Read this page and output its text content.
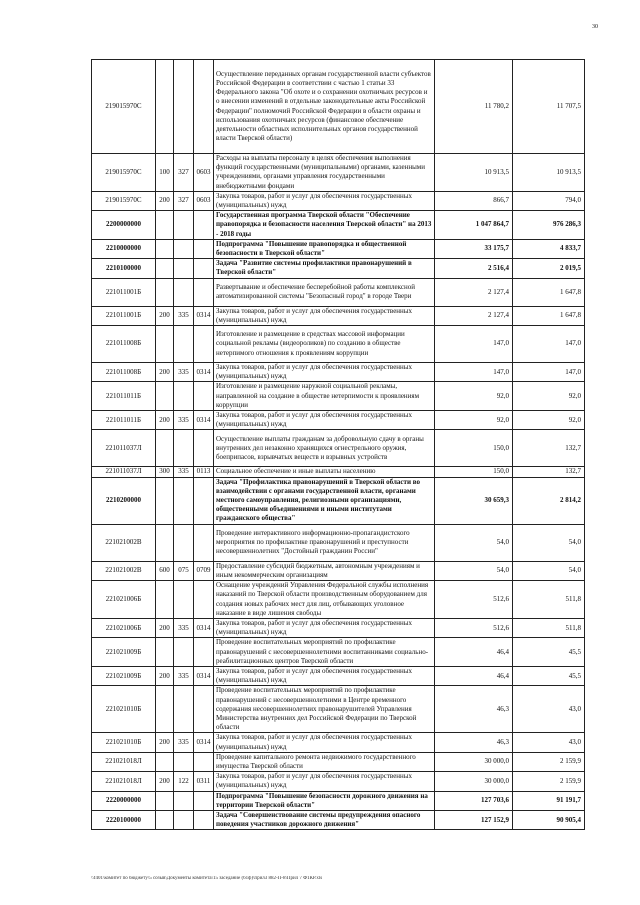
30
219015970С				Осуществление переданных органам государственной власти субъектов Российской Федерации в соответствии с частью 1 статьи 33 Федерального закона "Об охоте и о сохранении охотничьих ресурсов и о внесении изменений в отдельные законодательные акты Российской Федерации" полномочий Российской Федерации в области охраны и использования охотничьих ресурсов (финансовое обеспечение деятельности областных исполнительных органов государственной власти Тверской области)	11 780,2	11 707,5
219015970С	100	327	0603	Расходы на выплаты персоналу в целях обеспечения выполнения функций государственными (муниципальными) органами, казенными учреждениями, органами управления государственными внебюджетными фондами	10 913,5	10 913,5
219015970С	200	327	0603	Закупка товаров, работ и услуг для обеспечения государственных (муниципальных) нужд	866,7	794,0
2200000000				Государственная программа Тверской области "Обеспечение правопорядка и безопасности населения Тверской области" на 2013 - 2018 годы	1 047 864,7	976 286,3
2210000000				Подпрограмма "Повышение правопорядка и общественной безопасности в Тверской области"	33 175,7	4 833,7
2210100000				Задача "Развитие системы профилактики правонарушений в Тверской области"	2 516,4	2 019,5
221011001Б				Развертывание и обеспечение бесперебойной работы комплексной автоматизированной системы "Безопасный город" в городе Твери	2 127,4	1 647,8
221011001Б	200	335	0314	Закупка товаров, работ и услуг для обеспечения государственных (муниципальных) нужд	2 127,4	1 647,8
221011008Б				Изготовление и размещение в средствах массовой информации социальной рекламы (видеороликов) по созданию в обществе нетерпимого отношения к проявлениям коррупции	147,0	147,0
221011008Б	200	335	0314	Закупка товаров, работ и услуг для обеспечения государственных (муниципальных) нужд	147,0	147,0
221011011Б				Изготовление и размещение наружной социальной рекламы, направленной на создание в обществе нетерпимости к проявлениям коррупции	92,0	92,0
221011011Б	200	335	0314	Закупка товаров, работ и услуг для обеспечения государственных (муниципальных) нужд	92,0	92,0
221011037Л				Осуществление выплаты гражданам за добровольную сдачу в органы внутренних дел незаконно хранящихся огнестрельного оружия, боеприпасов, взрывчатых веществ и взрывных устройств	150,0	132,7
221011037Л	300	335	0113	Социальное обеспечение и иные выплаты населению	150,0	132,7
2210200000				Задача "Профилактика правонарушений в Тверской области во взаимодействии с органами государственной власти, органами местного самоуправления, религиозными организациями, общественными объединениями и иными институтами гражданского общества"	30 659,3	2 814,2
221021002В				Проведение интерактивного информационно-пропагандистского мероприятия по профилактике правонарушений и преступности несовершеннолетних "Достойный гражданин России"	54,0	54,0
221021002В	600	075	0709	Предоставление субсидий бюджетным, автономным учреждениям и иным некоммерческим организациям	54,0	54,0
221021006Б				Оснащение учреждений Управления Федеральной службы исполнения наказаний по Тверской области производственным оборудованием для создания новых рабочих мест для лиц, отбывающих уголовное наказание в виде лишения свободы	512,6	511,8
221021006Б	200	335	0314	Закупка товаров, работ и услуг для обеспечения государственных (муниципальных) нужд	512,6	511,8
221021009Б				Проведение воспитательных мероприятий по профилактике правонарушений с несовершеннолетними воспитанниками социально-реабилитационных центров Тверской области	46,4	45,5
221021009Б	200	335	0314	Закупка товаров, работ и услуг для обеспечения государственных (муниципальных) нужд	46,4	45,5
221021010Б				Проведение воспитательных мероприятий по профилактике правонарушений с несовершеннолетними в Центре временного содержания несовершеннолетних правонарушителей Управления Министерства внутренних дел Российской Федерации по Тверской области	46,3	43,0
221021010Б	200	335	0314	Закупка товаров, работ и услуг для обеспечения государственных (муниципальных) нужд	46,3	43,0
221021018Л				Проведение капитального ремонта недвижимого государственного имущества Тверской области	30 000,0	2 159,9
221021018Л	200	122	0311	Закупка товаров, работ и услуг для обеспечения государственных (муниципальных) нужд	30 000,0	2 159,9
2220000000				Подпрограмма "Повышение безопасности дорожного движения на территории Тверской области"	127 703,6	91 191,7
2220100000				Задача "Совершенствование системы предупреждения опасного поведения участников дорожного движения"	127 152,9	90 905,4
\\f401\комитет по бюджету\5 созыв\Документы комитета\15 заседание (61ф)\прил3 882-П-8\Прил 7 Ф1КР.xls
